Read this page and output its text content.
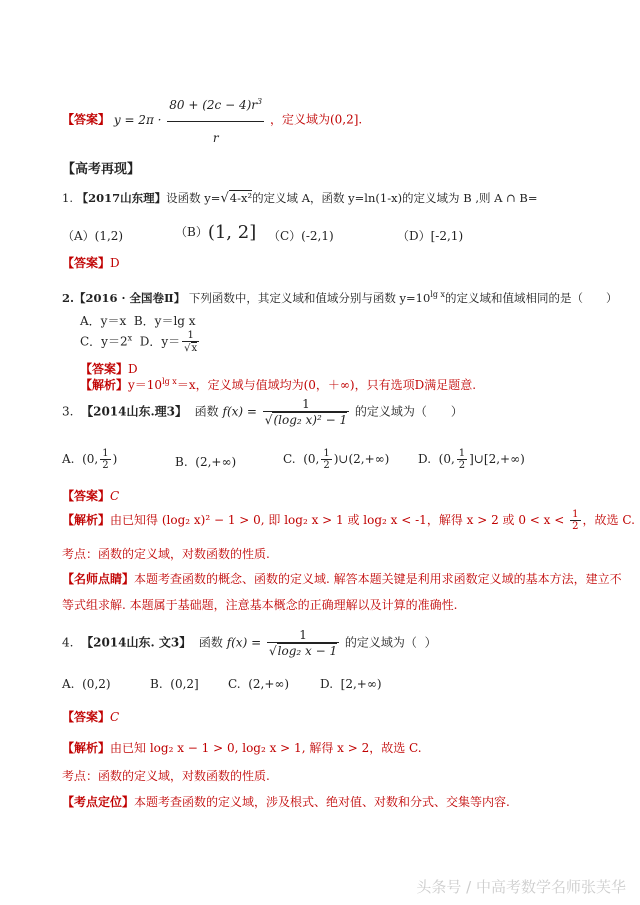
【答案】 $y = 2\pi \cdot \frac{80 + (2c - 4)r^3}{r}$ ，定义域为(0,2].
【高考再现】
1. 【2017山东理】设函数 y=√4-x²的定义域 A，函数 y=ln(1-x)的定义域为 B ,则 A ∩ B=
（A）(1,2)	（B）(1, 2] （C）(-2,1)	（D）[-2,1)
【答案】D
2.【2016 · 全国卷Ⅱ】 下列函数中，其定义域和值域分别与函数 $y=10^{lg x}$的定义域和值域相同的是（　　）
A．y＝x B．y＝lg x
C．$y=2^x$ D．$y= \frac{1}{√x}$
【答案】D
【解析】$y=10^{lg x}=x$，定义域与值域均为(0，＋∞)，只有选项D满足题意.
3. 【2014山东.理3】 函数 $f(x) = \frac{1}{\text{√(log₂ x)² − 1}}$ 的定义域为（　　）
A.  (0, $\frac{1}{2}$ )	B. (2,+∞)	C.  (0, $\frac{1}{2}$ )∪(2,+∞) D.  (0, $\frac{1}{2}$ ]∪[2,+∞)
【答案】C
【解析】由已知得 (log₂ x)² − 1 > 0, 即 log₂ x > 1 或 log₂ x < -1，解得 x > 2 或 $0 < x < \frac{1}{2}$ ，故选 C.
考点：函数的定义域，对数函数的性质.
【名师点睛】本题考查函数的概念、函数的定义域. 解答本题关键是利用求函数定义域的基本方法，建立不
等式组求解. 本题属于基础题，注意基本概念的正确理解以及计算的准确性.
4. 【2014山东. 文3】 函数 $f(x) = \frac{1}{\text{√log₂ x − 1}}$ 的定义域为（ ）
A. (0,2)	B. (0,2] C. (2,+∞)	D. [2,+∞)
【答案】C
【解析】由已知 log₂ x − 1 > 0, log₂ x > 1, 解得 x > 2，故选 C.
考点：函数的定义域，对数函数的性质.
【考点定位】本题考查函数的定义域，涉及根式、绝对值、对数和分式、交集等内容.
头条号 / 中高考数学名师张芙华
